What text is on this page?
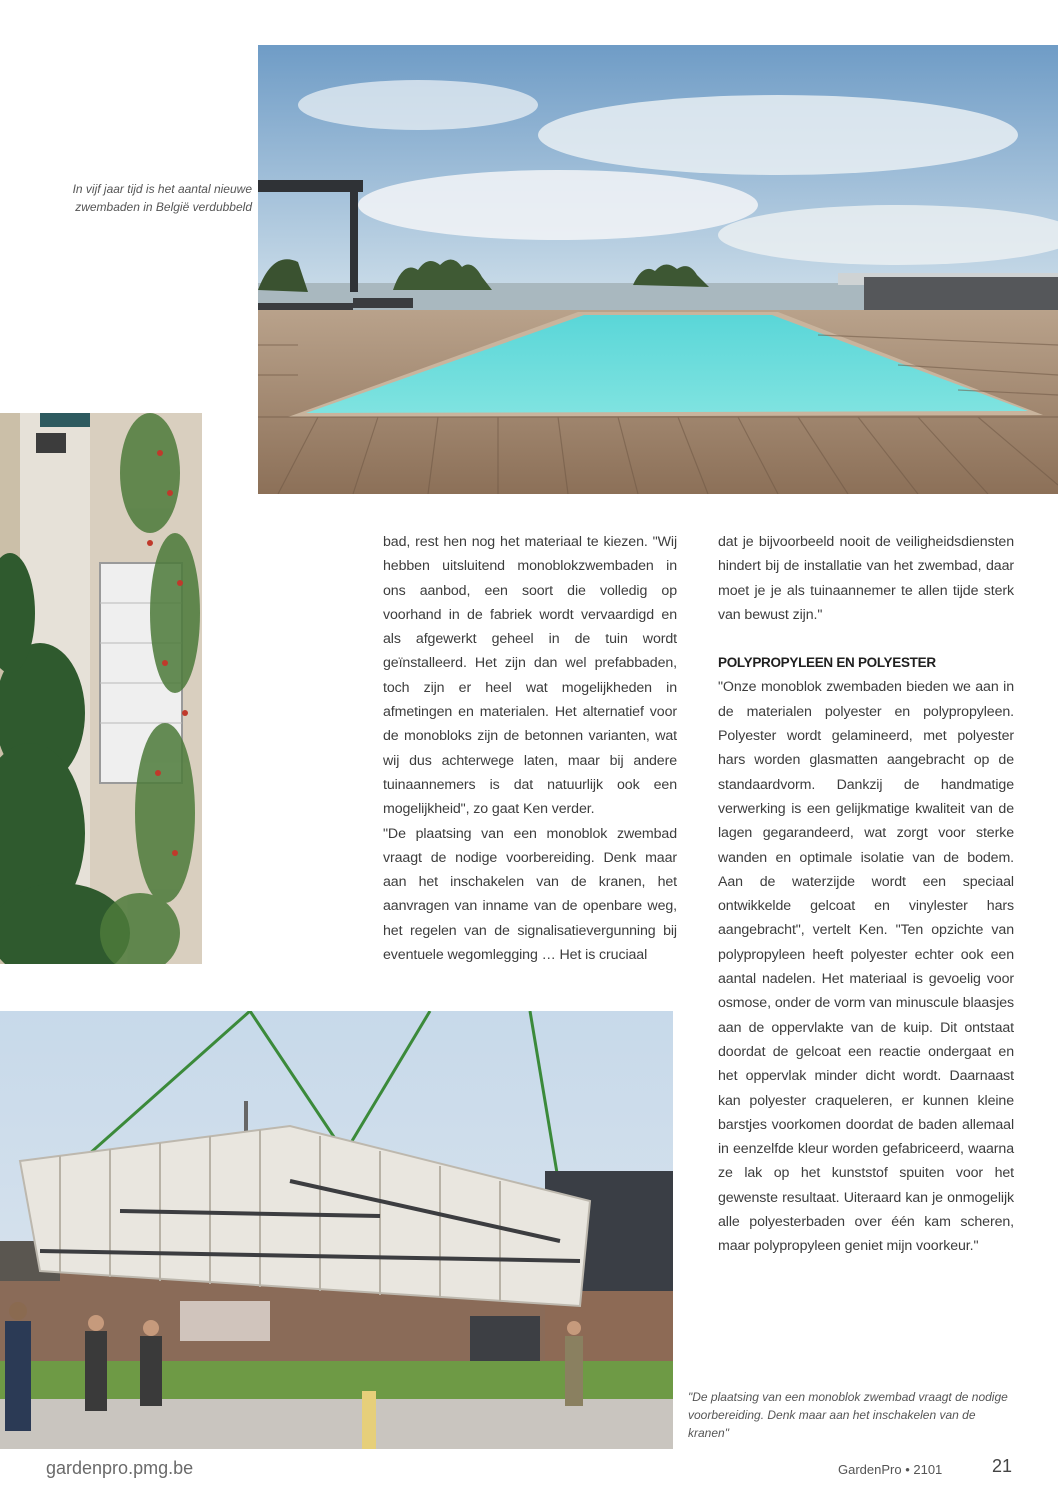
In vijf jaar tijd is het aantal nieuwe zwembaden in België verdubbeld

bad, rest hen nog het materiaal te kiezen. "Wij hebben uitsluitend monoblokzwembaden in ons aanbod, een soort die volledig op voorhand in de fabriek wordt vervaardigd en als afgewerkt geheel in de tuin wordt geïnstalleerd. Het zijn dan wel prefabbaden, toch zijn er heel wat mogelijkheden in afmetingen en materialen. Het alternatief voor de monobloks zijn de betonnen varianten, wat wij dus achterwege laten, maar bij andere tuinaannemers is dat natuurlijk ook een mogelijkheid", zo gaat Ken verder.

"De plaatsing van een monoblok zwembad vraagt de nodige voorbereiding. Denk maar aan het inschakelen van de kranen, het aanvragen van inname van de openbare weg, het regelen van de signalisatievergunning bij eventuele wegomlegging … Het is cruciaal

dat je bijvoorbeeld nooit de veiligheidsdiensten hindert bij de installatie van het zwembad, daar moet je je als tuinaannemer te allen tijde sterk van bewust zijn."

POLYPROPYLEEN EN POLYESTER

"Onze monoblok zwembaden bieden we aan in de materialen polyester en polypropyleen. Polyester wordt gelamineerd, met polyester hars worden glasmatten aangebracht op de standaardvorm. Dankzij de handmatige verwerking is een gelijkmatige kwaliteit van de lagen gegarandeerd, wat zorgt voor sterke wanden en optimale isolatie van de bodem. Aan de waterzijde wordt een speciaal ontwikkelde gelcoat en vinylester hars aangebracht", vertelt Ken. "Ten opzichte van polypropyleen heeft polyester echter ook een aantal nadelen. Het materiaal is gevoelig voor osmose, onder de vorm van minuscule blaasjes aan de oppervlakte van de kuip. Dit ontstaat doordat de gelcoat een reactie ondergaat en het oppervlak minder dicht wordt. Daarnaast kan polyester craqueleren, er kunnen kleine barstjes voorkomen doordat de baden allemaal in eenzelfde kleur worden gefabriceerd, waarna ze lak op het kunststof spuiten voor het gewenste resultaat. Uiteraard kan je onmogelijk alle polyesterbaden over één kam scheren, maar polypropyleen geniet mijn voorkeur."

"De plaatsing van een monoblok zwembad vraagt de nodige voorbereiding. Denk maar aan het inschakelen van de kranen"
gardenpro.pmg.be	GardenPro • 2101	21
